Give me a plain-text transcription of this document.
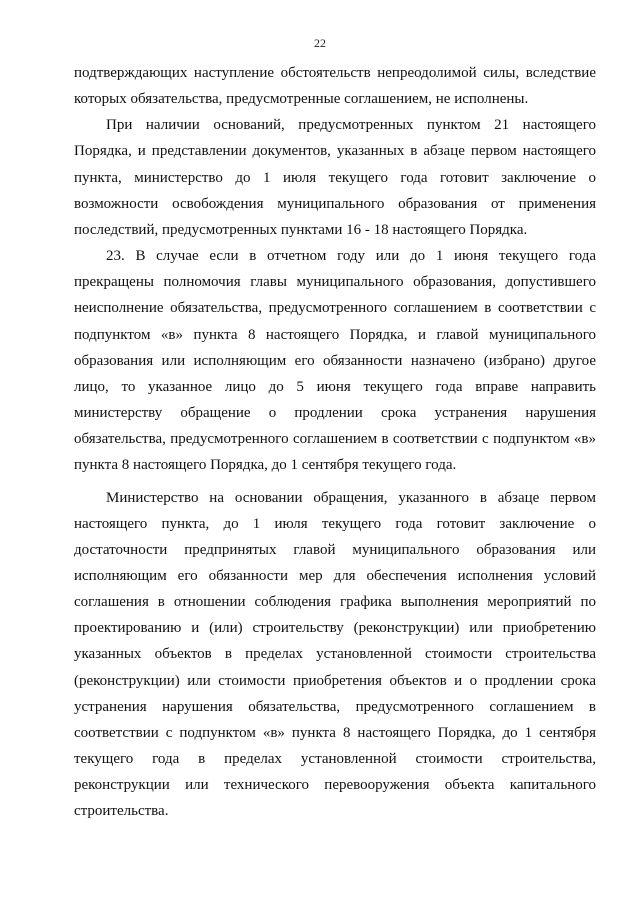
22

подтверждающих наступление обстоятельств непреодолимой силы, вследствие которых обязательства, предусмотренные соглашением, не исполнены.

При наличии оснований, предусмотренных пунктом 21 настоящего Порядка, и представлении документов, указанных в абзаце первом настоящего пункта, министерство до 1 июля текущего года готовит заключение о возможности освобождения муниципального образования от применения последствий, предусмотренных пунктами 16 - 18 настоящего Порядка.

23. В случае если в отчетном году или до 1 июня текущего года прекращены полномочия главы муниципального образования, допустившего неисполнение обязательства, предусмотренного соглашением в соответствии с подпунктом «в» пункта 8 настоящего Порядка, и главой муниципального образования или исполняющим его обязанности назначено (избрано) другое лицо, то указанное лицо до 5 июня текущего года вправе направить министерству обращение о продлении срока устранения нарушения обязательства, предусмотренного соглашением в соответствии с подпунктом «в» пункта 8 настоящего Порядка, до 1 сентября текущего года.

Министерство на основании обращения, указанного в абзаце первом настоящего пункта, до 1 июля текущего года готовит заключение о достаточности предпринятых главой муниципального образования или исполняющим его обязанности мер для обеспечения исполнения условий соглашения в отношении соблюдения графика выполнения мероприятий по проектированию и (или) строительству (реконструкции) или приобретению указанных объектов в пределах установленной стоимости строительства (реконструкции) или стоимости приобретения объектов и о продлении срока устранения нарушения обязательства, предусмотренного соглашением в соответствии с подпунктом «в» пункта 8 настоящего Порядка, до 1 сентября текущего года в пределах установленной стоимости строительства, реконструкции или технического перевооружения объекта капитального строительства.
